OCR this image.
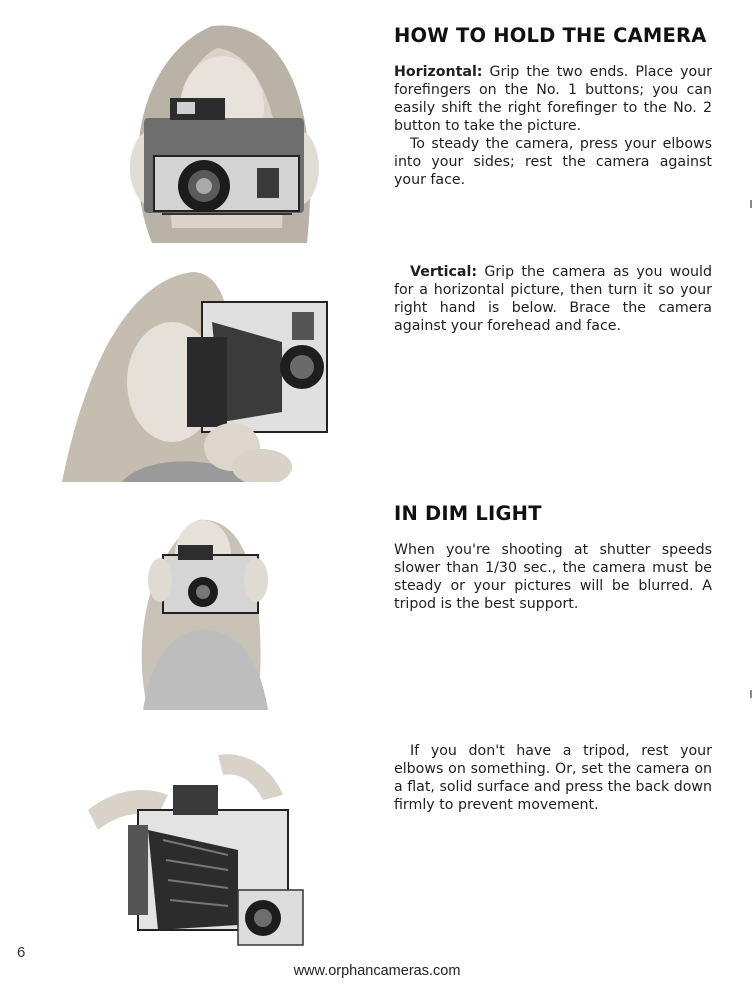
HOW TO HOLD THE CAMERA

Horizontal: Grip the two ends. Place your forefingers on the No. 1 buttons; you can easily shift the right forefinger to the No. 2 button to take the picture.

To steady the camera, press your elbows into your sides; rest the camera against your face.

Vertical: Grip the camera as you would for a horizontal picture, then turn it so your right hand is below. Brace the camera against your forehead and face.

IN DIM LIGHT

When you're shooting at shutter speeds slower than 1/30 sec., the camera must be steady or your pictures will be blurred. A tripod is the best support.

If you don't have a tripod, rest your elbows on something. Or, set the camera on a flat, solid surface and press the back down firmly to prevent movement.

6
www.orphancameras.com
